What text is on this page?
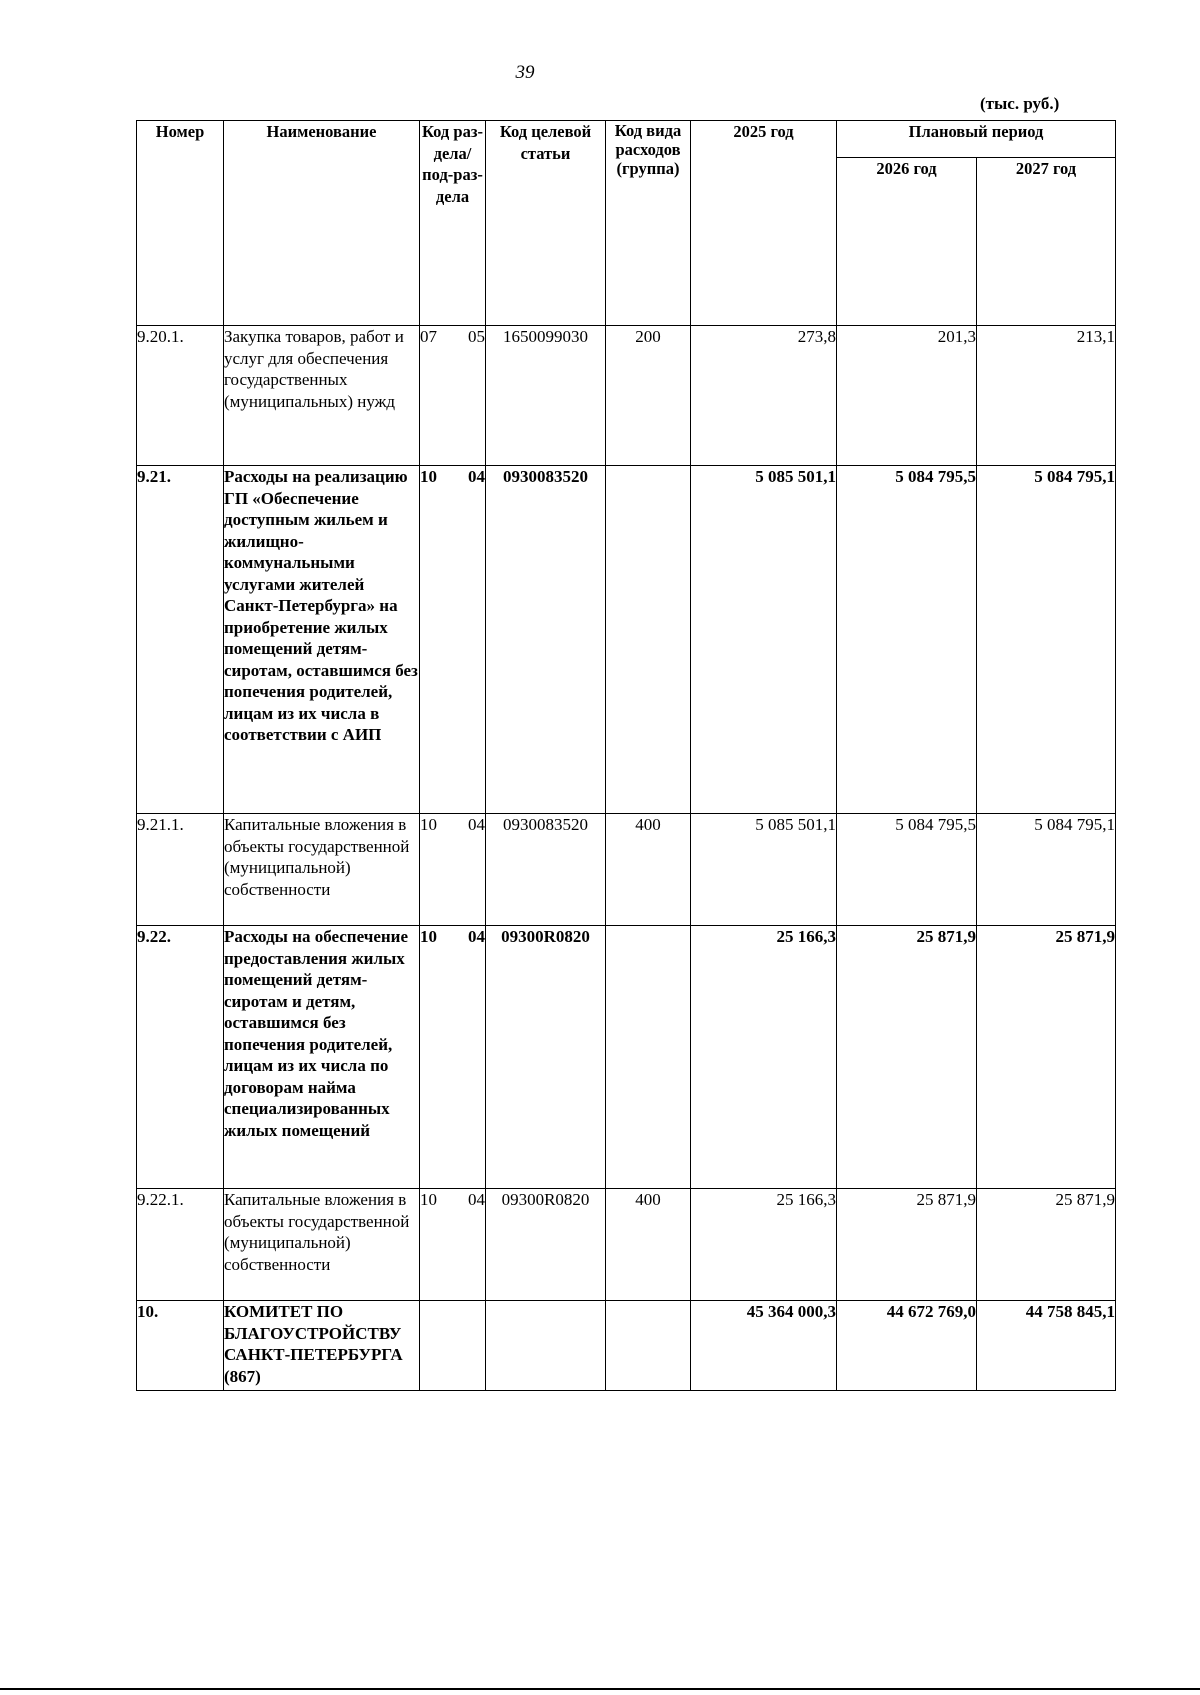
39
(тыс. руб.)
Номер	Наименование	Код раз-дела/ под-раз-дела	Код целевой статьи	Код вида расходов (группа)	2025 год	Плановый период	
						2026 год	2027 год
9.20.1.	Закупка товаров, работ и услуг для обеспечения государственных (муниципальных) нужд	07 05	1650099030	200	273,8	201,3	213,1
9.21.	Расходы на реализацию ГП «Обеспечение доступным жильем и жилищно-коммунальными услугами жителей Санкт-Петербурга» на приобретение жилых помещений детям-сиротам, оставшимся без попечения родителей, лицам из их числа в соответствии с АИП	10 04	0930083520		5 085 501,1	5 084 795,5	5 084 795,1
9.21.1.	Капитальные вложения в объекты государственной (муниципальной) собственности	10 04	0930083520	400	5 085 501,1	5 084 795,5	5 084 795,1
9.22.	Расходы на обеспечение предоставления жилых помещений детям-сиротам и детям, оставшимся без попечения родителей, лицам из их числа по договорам найма специализированных жилых помещений	10 04	09300R0820		25 166,3	25 871,9	25 871,9
9.22.1.	Капитальные вложения в объекты государственной (муниципальной) собственности	10 04	09300R0820	400	25 166,3	25 871,9	25 871,9
10.	КОМИТЕТ ПО БЛАГОУСТРОЙСТВУ САНКТ-ПЕТЕРБУРГА (867)				45 364 000,3	44 672 769,0	44 758 845,1
